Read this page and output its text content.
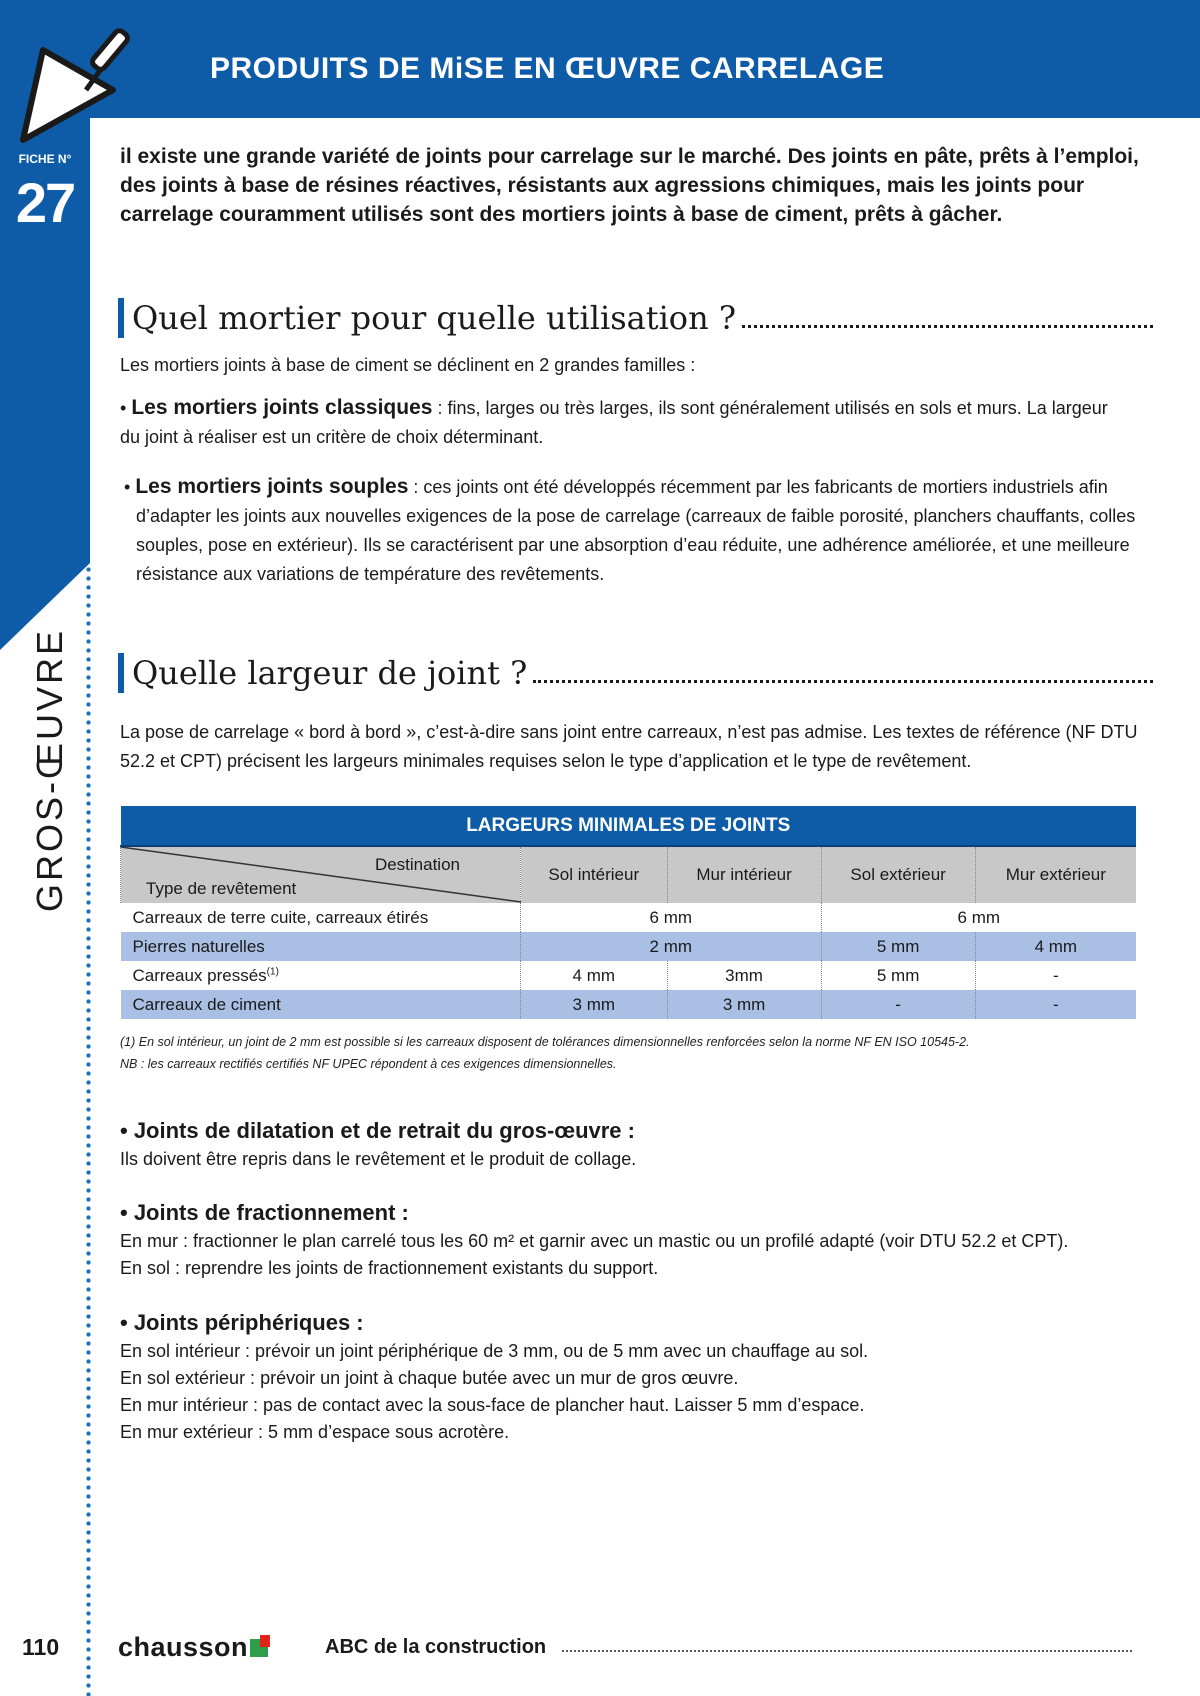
PRODUITS DE MiSE EN ŒUVRE CARRELAGE
FICHE N°
27
GROS-ŒUVRE
il existe une grande variété de joints pour carrelage sur le marché. Des joints en pâte, prêts à l’emploi, des joints à base de résines réactives, résistants aux agressions chimiques, mais les joints pour carrelage couramment utilisés sont des mortiers joints à base de ciment, prêts à gâcher.
Quel mortier pour quelle utilisation ?
Les mortiers joints à base de ciment se déclinent en 2 grandes familles :
• Les mortiers joints classiques : fins, larges ou très larges, ils sont généralement utilisés en sols et murs. La largeur du joint à réaliser est un critère de choix déterminant.
• Les mortiers joints souples : ces joints ont été développés récemment par les fabricants de mortiers industriels afin d’adapter les joints aux nouvelles exigences de la pose de carrelage (carreaux de faible porosité, planchers chauffants, colles souples, pose en extérieur). Ils se caractérisent par une absorption d’eau réduite, une adhérence améliorée, et une meilleure résistance aux variations de température des revêtements.
Quelle largeur de joint ?
La pose de carrelage « bord à bord », c’est-à-dire sans joint entre carreaux, n’est pas admise. Les textes de référence (NF DTU 52.2 et CPT) précisent les largeurs minimales requises selon le type d’application et le type de revêtement.
LARGEURS MINIMALES DE JOINTS				

Destination
Type de revêtement	Sol intérieur	Mur intérieur	Sol extérieur	Mur extérieur
Carreaux de terre cuite, carreaux étirés	6 mm		6 mm	
Pierres naturelles	2 mm		5 mm	4 mm
Carreaux pressés$^{(1)}$	4 mm	3mm	5 mm	-
Carreaux de ciment	3 mm	3 mm	-	-
(1) En sol intérieur, un joint de 2 mm est possible si les carreaux disposent de tolérances dimensionnelles renforcées selon la norme NF EN ISO 10545-2.
NB : les carreaux rectifiés certifiés NF UPEC répondent à ces exigences dimensionnelles.
• Joints de dilatation et de retrait du gros-œuvre :
Ils doivent être repris dans le revêtement et le produit de collage.
• Joints de fractionnement :
En mur : fractionner le plan carrelé tous les 60 m² et garnir avec un mastic ou un profilé adapté (voir DTU 52.2 et CPT).
En sol : reprendre les joints de fractionnement existants du support.
• Joints périphériques :
En sol intérieur : prévoir un joint périphérique de 3 mm, ou de 5 mm avec un chauffage au sol.
En sol extérieur : prévoir un joint à chaque butée avec un mur de gros œuvre.
En mur intérieur : pas de contact avec la sous-face de plancher haut. Laisser 5 mm d’espace.
En mur extérieur : 5 mm d’espace sous acrotère.
110 chausson	ABC de la construction
